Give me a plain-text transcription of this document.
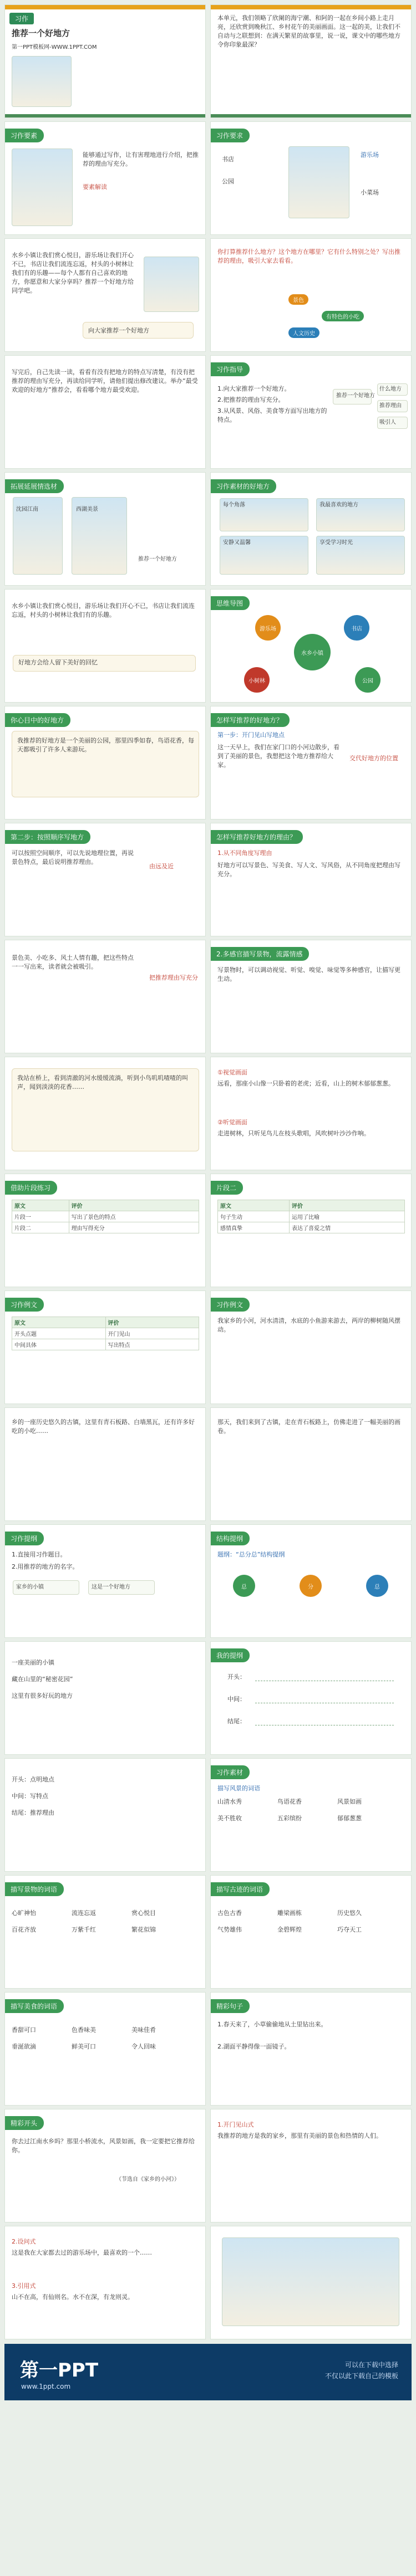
习作
推荐一个好地方
第一PPT模板网-WWW.1PPT.COM
本单元，我们领略了欣阑的海宁潮、和阿的一起在乡间小路上走月亮，还欣赏到晚秋江、乡村花午的美丽画面。这一起的美，让我们不自动与之联想到：在满天繁星的故事里，说一说，课文中的哪些地方令你印象最深？
习作要素
能够通过写作，让有害理地进行介绍，把推荐的理由写充分。
要素解读
习作要求
游乐场
书店
公园
小菜场
水乡小镇让我们赏心悦目，游乐场让我们开心不已，书店让我们流连忘返，村头的小树林让我们有的乐趣——每个人都有自己喜欢的地方，你愿意和大家分享吗？推荐一个好地方给同学吧。
向大家推荐一个好地方
你打算推荐什么地方？这个地方在哪里？它有什么特别之处？写出推荐的理由，吸引大家去看看。
景色
有特色的小吃
人文历史
写完后，自己先读一读，看看有没有把地方的特点写清楚，有没有把推荐的理由写充分，再读给同学听，请他们提出修改建议。举办“最受欢迎的好地方”推荐会，看看哪个地方最受欢迎。
习作指导
1.向大家推荐一个好地方。
2.把推荐的理由写充分。
3.从风景、风俗、美食等方面写出地方的特点。
推荐一个好地方
什么地方
推荐理由
吸引人
拓展延展情选材
沈园江南	西湖美景
推荐一个好地方
习作素材的好地方
每个角落	我最喜欢的地方
安静又温馨	享受学习时光
水乡小镇让我们赏心悦目，游乐场让我们开心不已，书店让我们流连忘返，村头的小树林让我们有的乐趣。
好地方会给人留下美好的回忆
思维导图
水乡小镇
游乐场	书店
小树林	公园
你心目中的好地方
我推荐的好地方是一个美丽的公园，那里四季如春，鸟语花香，每天都吸引了许多人来游玩。
怎样写推荐的好地方？
第一步：开门见山写地点
这一天早上，我们在家门口的小河边散步，看到了美丽的景色，我想把这个地方推荐给大家。
交代好地方的位置
第二步：按照顺序写地方
可以按照空间顺序，可以先说地理位置，再说景色特点，最后说明推荐理由。
由远及近
怎样写推荐好地方的理由？
1.从不同角度写理由
好地方可以写景色、写美食、写人文、写风俗，从不同角度把理由写充分。
景色美、小吃多、风土人情有趣，把这些特点一一写出来，读者就会被吸引。
把推荐理由写充分
2.多感官描写景物，流露情感
写景物时，可以调动视觉、听觉、嗅觉、味觉等多种感官，让描写更生动。
我站在桥上，看到清澈的河水缓缓流淌，听到小鸟叽叽喳喳的叫声，闻到淡淡的花香……
①视觉画面
远看，那座小山像一只卧着的老虎；近看，山上的树木郁郁葱葱。
②听觉画面
走进树林，只听见鸟儿在枝头歌唱，风吹树叶沙沙作响。
借助片段练习
原文	评价
片段一	写出了景色的特点
片段二	理由写得充分
片段二
原文	评价
句子生动	运用了比喻
感情真挚	表达了喜爱之情
习作例文
原文	评价
开头点题	开门见山
中间具体	写出特点
习作例文
我家乡的小河，河水清清，水底的小鱼游来游去，两岸的柳树随风摆动。
乡的一座历史悠久的古镇，这里有青石板路、白墙黑瓦，还有许多好吃的小吃……
那天，我们来到了古镇，走在青石板路上，仿佛走进了一幅美丽的画卷。
习作提纲
1.直接用习作题目。
2.用推荐的地方的名字。
家乡的小镇	这是一个好地方
结构提纲
题纲：“总分总”结构提纲
总	分	总
一座美丽的小镇
藏在山里的“秘密花园”
这里有很多好玩的地方
我的提纲
开头：
中间：
结尾：
开头：点明地点
中间：写特点
结尾：推荐理由
习作素材
描写风景的词语
山清水秀	鸟语花香	风景如画
美不胜收	五彩缤纷	郁郁葱葱
描写景物的词语
心旷神怡	流连忘返	赏心悦目
百花齐放	万紫千红	繁花似锦
描写古迹的词语
古色古香	雕梁画栋	历史悠久
气势雄伟	金碧辉煌	巧夺天工
描写美食的词语
香甜可口	色香味美	美味佳肴
垂涎欲滴	鲜美可口	令人回味
精彩句子
1.春天来了，小草偷偷地从土里钻出来。
2.湖面平静得像一面镜子。
精彩开头
你去过江南水乡吗？那里小桥流水，风景如画，我一定要把它推荐给你。
（节选自《家乡的小河》）
1.开门见山式
我推荐的地方是我的家乡，那里有美丽的景色和热情的人们。
2.设问式
这是我在大家都去过的游乐场中，最喜欢的一个……
3.引用式
山不在高，有仙则名。水不在深，有龙则灵。
第一PPT
www.1ppt.com
可以在下载中选择
不仅以此下载自己的模板
